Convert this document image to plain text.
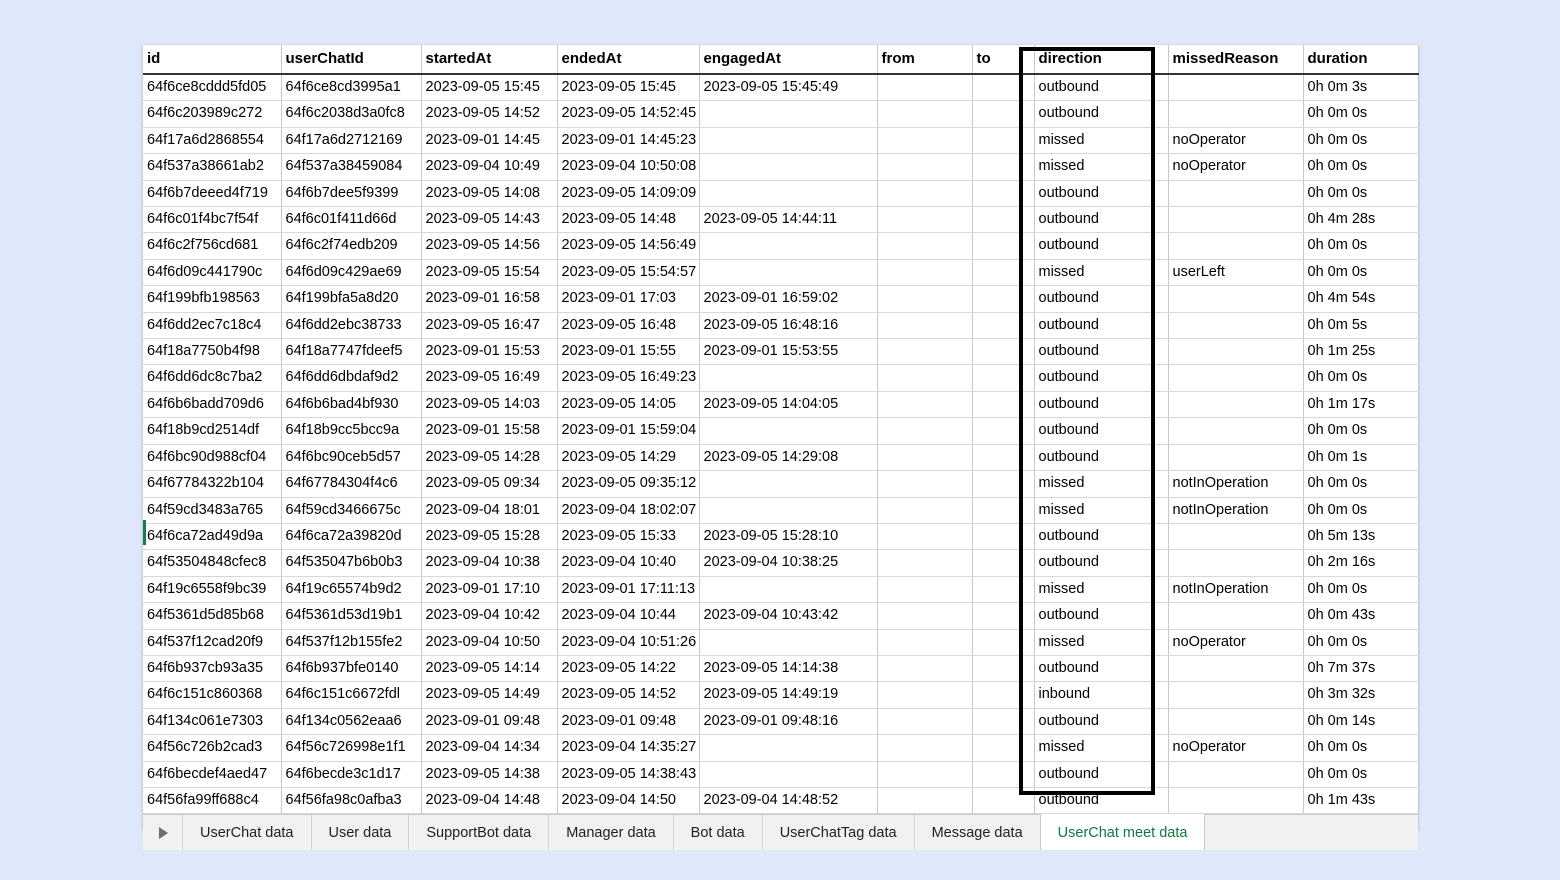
id	userChatId	startedAt	endedAt	engagedAt	from	to	direction	missedReason	duration
64f6ce8cddd5fd05	64f6ce8cd3995a1	2023-09-05 15:45	2023-09-05 15:45	2023-09-05 15:45:49			outbound		0h 0m 3s
64f6c203989c272	64f6c2038d3a0fc8	2023-09-05 14:52	2023-09-05 14:52:45				outbound		0h 0m 0s
64f17a6d2868554	64f17a6d2712169	2023-09-01 14:45	2023-09-01 14:45:23				missed	noOperator	0h 0m 0s
64f537a38661ab2	64f537a38459084	2023-09-04 10:49	2023-09-04 10:50:08				missed	noOperator	0h 0m 0s
64f6b7deeed4f719	64f6b7dee5f9399	2023-09-05 14:08	2023-09-05 14:09:09				outbound		0h 0m 0s
64f6c01f4bc7f54f	64f6c01f411d66d	2023-09-05 14:43	2023-09-05 14:48	2023-09-05 14:44:11			outbound		0h 4m 28s
64f6c2f756cd681	64f6c2f74edb209	2023-09-05 14:56	2023-09-05 14:56:49				outbound		0h 0m 0s
64f6d09c441790c	64f6d09c429ae69	2023-09-05 15:54	2023-09-05 15:54:57				missed	userLeft	0h 0m 0s
64f199bfb198563	64f199bfa5a8d20	2023-09-01 16:58	2023-09-01 17:03	2023-09-01 16:59:02			outbound		0h 4m 54s
64f6dd2ec7c18c4	64f6dd2ebc38733	2023-09-05 16:47	2023-09-05 16:48	2023-09-05 16:48:16			outbound		0h 0m 5s
64f18a7750b4f98	64f18a7747fdeef5	2023-09-01 15:53	2023-09-01 15:55	2023-09-01 15:53:55			outbound		0h 1m 25s
64f6dd6dc8c7ba2	64f6dd6dbdaf9d2	2023-09-05 16:49	2023-09-05 16:49:23				outbound		0h 0m 0s
64f6b6badd709d6	64f6b6bad4bf930	2023-09-05 14:03	2023-09-05 14:05	2023-09-05 14:04:05			outbound		0h 1m 17s
64f18b9cd2514df	64f18b9cc5bcc9a	2023-09-01 15:58	2023-09-01 15:59:04				outbound		0h 0m 0s
64f6bc90d988cf04	64f6bc90ceb5d57	2023-09-05 14:28	2023-09-05 14:29	2023-09-05 14:29:08			outbound		0h 0m 1s
64f67784322b104	64f67784304f4c6	2023-09-05 09:34	2023-09-05 09:35:12				missed	notInOperation	0h 0m 0s
64f59cd3483a765	64f59cd3466675c	2023-09-04 18:01	2023-09-04 18:02:07				missed	notInOperation	0h 0m 0s
64f6ca72ad49d9a	64f6ca72a39820d	2023-09-05 15:28	2023-09-05 15:33	2023-09-05 15:28:10			outbound		0h 5m 13s
64f53504848cfec8	64f535047b6b0b3	2023-09-04 10:38	2023-09-04 10:40	2023-09-04 10:38:25			outbound		0h 2m 16s
64f19c6558f9bc39	64f19c65574b9d2	2023-09-01 17:10	2023-09-01 17:11:13				missed	notInOperation	0h 0m 0s
64f5361d5d85b68	64f5361d53d19b1	2023-09-04 10:42	2023-09-04 10:44	2023-09-04 10:43:42			outbound		0h 0m 43s
64f537f12cad20f9	64f537f12b155fe2	2023-09-04 10:50	2023-09-04 10:51:26				missed	noOperator	0h 0m 0s
64f6b937cb93a35	64f6b937bfe0140	2023-09-05 14:14	2023-09-05 14:22	2023-09-05 14:14:38			outbound		0h 7m 37s
64f6c151c860368	64f6c151c6672fdl	2023-09-05 14:49	2023-09-05 14:52	2023-09-05 14:49:19			inbound		0h 3m 32s
64f134c061e7303	64f134c0562eaa6	2023-09-01 09:48	2023-09-01 09:48	2023-09-01 09:48:16			outbound		0h 0m 14s
64f56c726b2cad3	64f56c726998e1f1	2023-09-04 14:34	2023-09-04 14:35:27				missed	noOperator	0h 0m 0s
64f6becdef4aed47	64f6becde3c1d17	2023-09-05 14:38	2023-09-05 14:38:43				outbound		0h 0m 0s
64f56fa99ff688c4	64f56fa98c0afba3	2023-09-04 14:48	2023-09-04 14:50	2023-09-04 14:48:52			outbound		0h 1m 43s
UserChat data	User data	SupportBot data	Manager data	Bot data	UserChatTag data	Message data	UserChat meet data
